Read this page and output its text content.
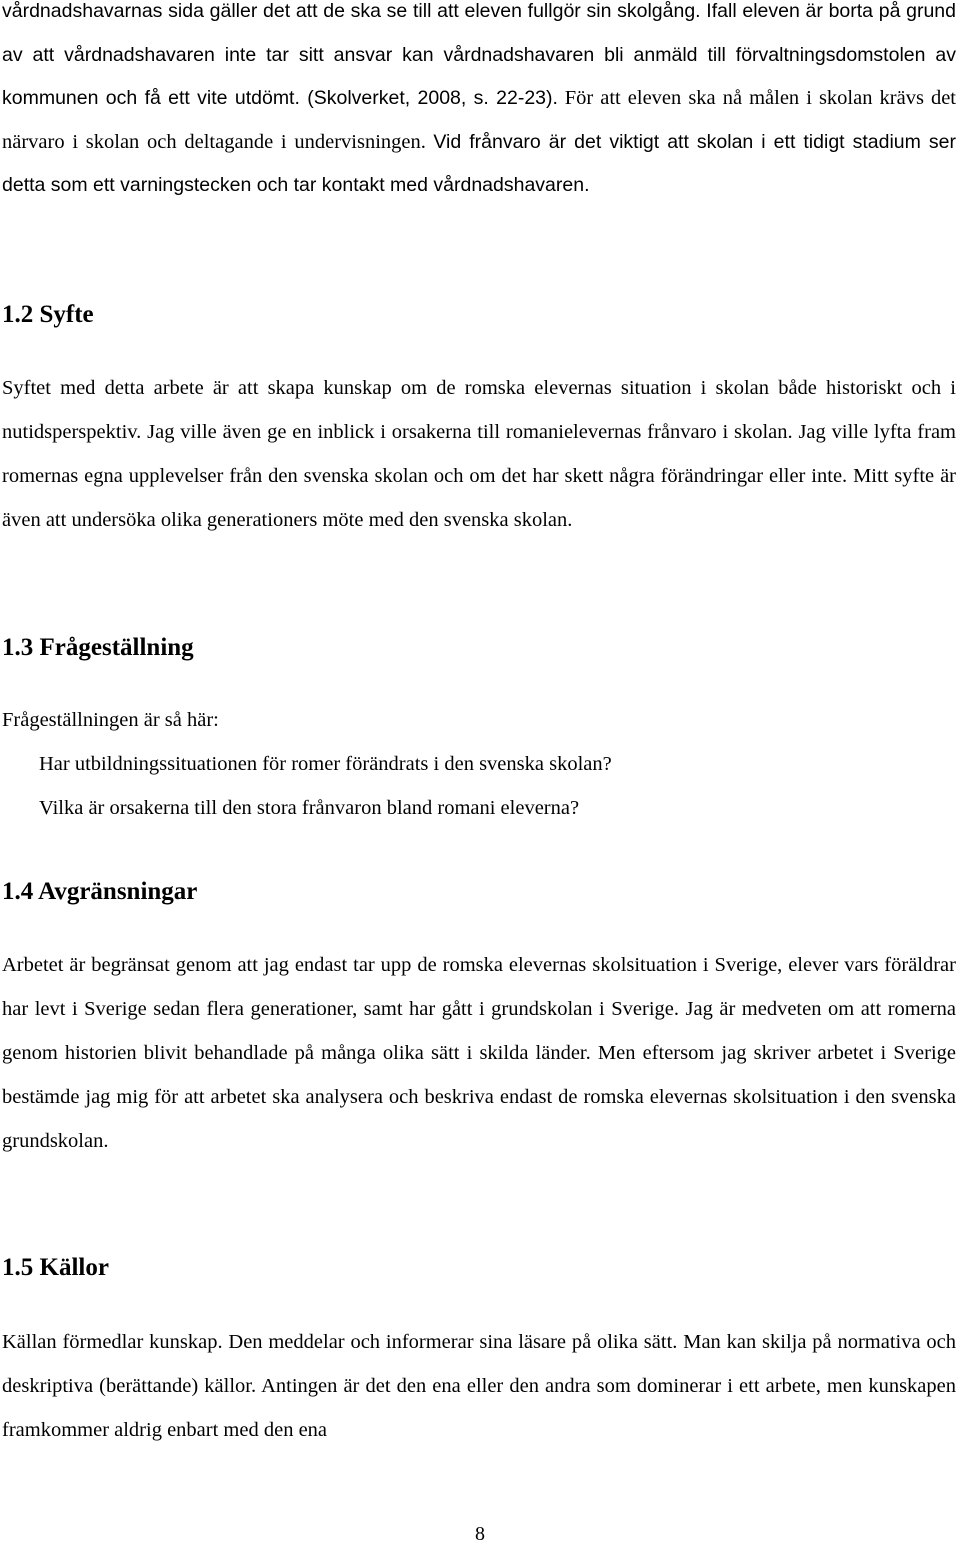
vårdnadshavarnas sida gäller det att de ska se till att eleven fullgör sin skolgång. Ifall eleven är borta på grund av att vårdnadshavaren inte tar sitt ansvar kan vårdnadshavaren bli anmäld till förvaltningsdomstolen av kommunen och få ett vite utdömt. (Skolverket, 2008, s. 22-23). För att eleven ska nå målen i skolan krävs det närvaro i skolan och deltagande i undervisningen. Vid frånvaro är det viktigt att skolan i ett tidigt stadium ser detta som ett varningstecken och tar kontakt med vårdnadshavaren.

1.2 Syfte

Syftet med detta arbete är att skapa kunskap om de romska elevernas situation i skolan både historiskt och i nutidsperspektiv. Jag ville även ge en inblick i orsakerna till romanielevernas frånvaro i skolan. Jag ville lyfta fram romernas egna upplevelser från den svenska skolan och om det har skett några förändringar eller inte. Mitt syfte är även att undersöka olika generationers möte med den svenska skolan.

1.3 Frågeställning

Frågeställningen är så här:

Har utbildningssituationen för romer förändrats i den svenska skolan?
Vilka är orsakerna till den stora frånvaron bland romani eleverna?
1.4 Avgränsningar

Arbetet är begränsat genom att jag endast tar upp de romska elevernas skolsituation i Sverige, elever vars föräldrar har levt i Sverige sedan flera generationer, samt har gått i grundskolan i Sverige. Jag är medveten om att romerna genom historien blivit behandlade på många olika sätt i skilda länder. Men eftersom jag skriver arbetet i Sverige bestämde jag mig för att arbetet ska analysera och beskriva endast de romska elevernas skolsituation i den svenska grundskolan.

1.5 Källor

Källan förmedlar kunskap. Den meddelar och informerar sina läsare på olika sätt. Man kan skilja på normativa och deskriptiva (berättande) källor. Antingen är det den ena eller den andra som dominerar i ett arbete, men kunskapen framkommer aldrig enbart med den ena

8
